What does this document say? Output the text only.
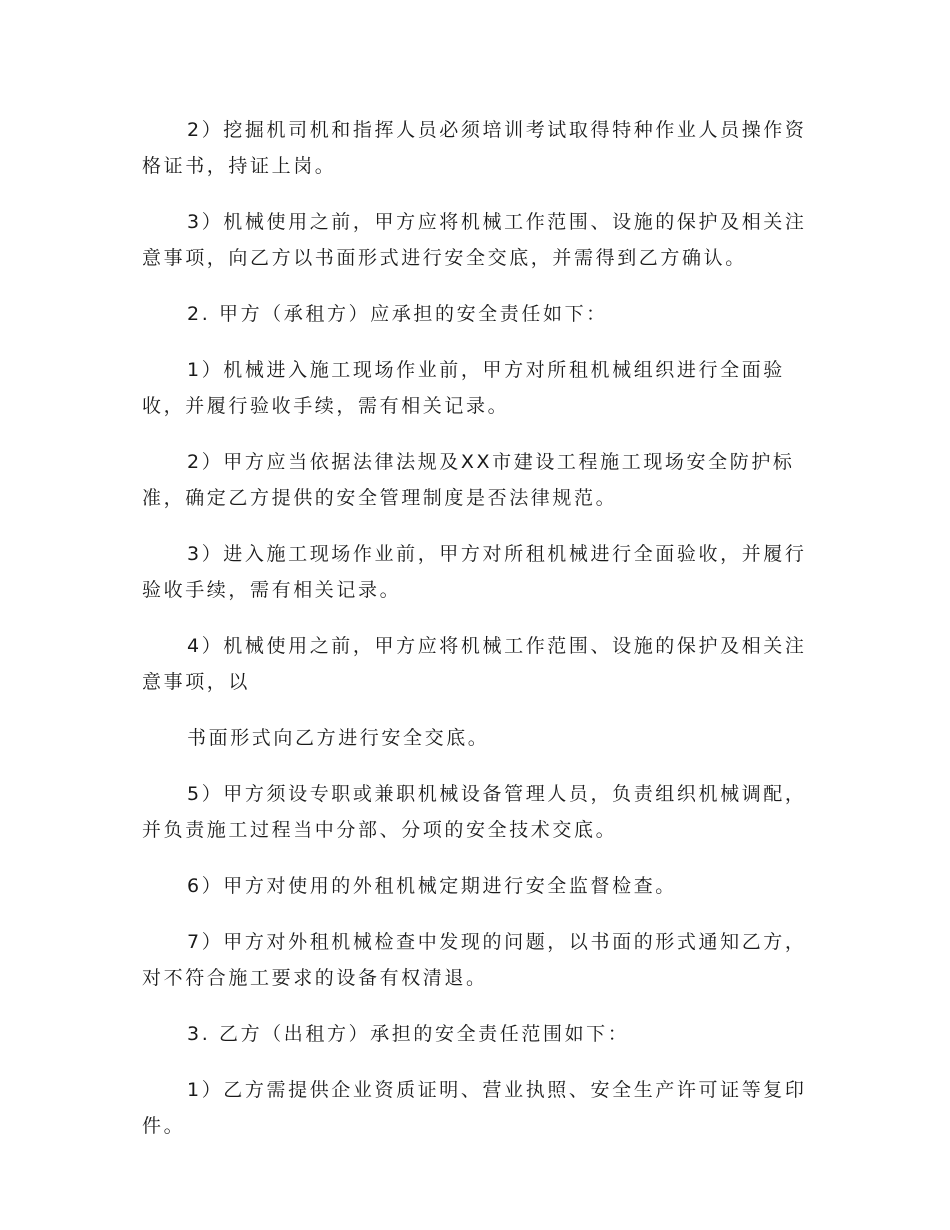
2）挖掘机司机和指挥人员必须培训考试取得特种作业人员操作资格证书，持证上岗。

3）机械使用之前，甲方应将机械工作范围、设施的保护及相关注意事项，向乙方以书面形式进行安全交底，并需得到乙方确认。

2. 甲方（承租方）应承担的安全责任如下：

1）机械进入施工现场作业前，甲方对所租机械组织进行全面验收，并履行验收手续，需有相关记录。

2）甲方应当依据法律法规及XX市建设工程施工现场安全防护标准，确定乙方提供的安全管理制度是否法律规范。

3）进入施工现场作业前，甲方对所租机械进行全面验收，并履行验收手续，需有相关记录。

4）机械使用之前，甲方应将机械工作范围、设施的保护及相关注意事项，以

书面形式向乙方进行安全交底。

5）甲方须设专职或兼职机械设备管理人员，负责组织机械调配，并负责施工过程当中分部、分项的安全技术交底。

6）甲方对使用的外租机械定期进行安全监督检查。

7）甲方对外租机械检查中发现的问题，以书面的形式通知乙方，对不符合施工要求的设备有权清退。

3. 乙方（出租方）承担的安全责任范围如下：

1）乙方需提供企业资质证明、营业执照、安全生产许可证等复印件。
